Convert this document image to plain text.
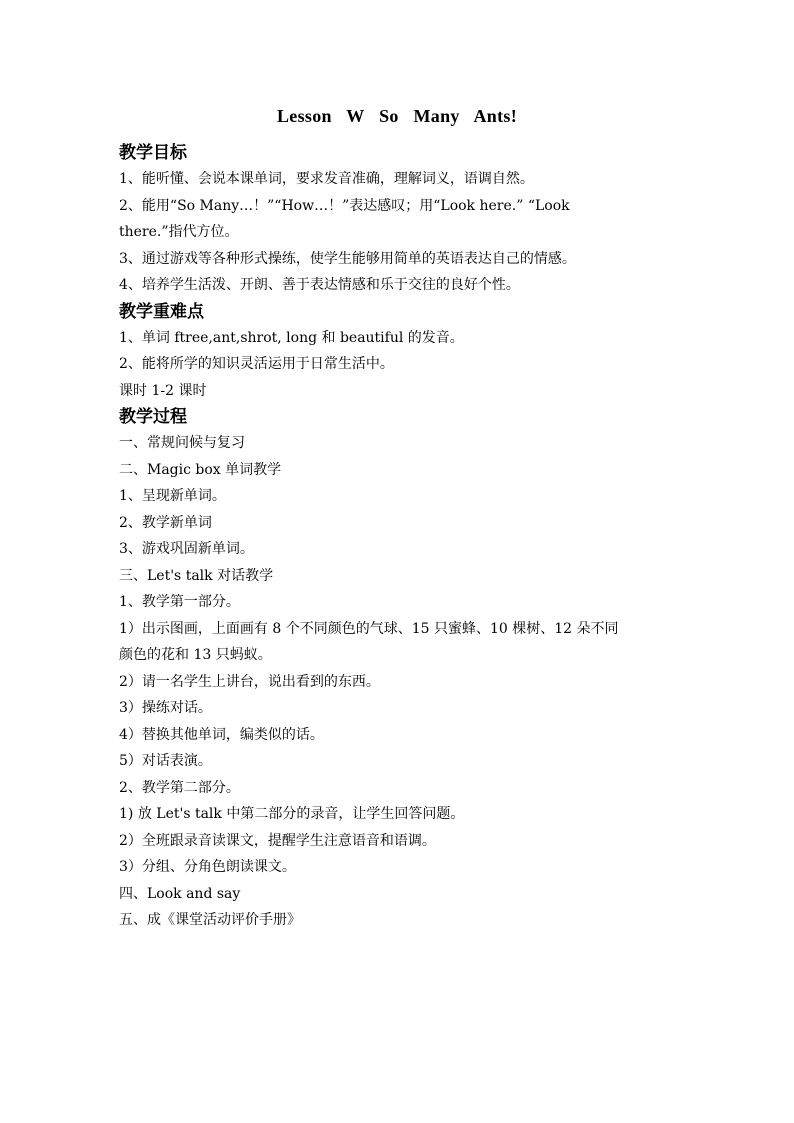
Lesson W So Many Ants!

教学目标

1、能听懂、会说本课单词，要求发音准确，理解词义，语调自然。

2、能用“So Many…！”“How…！”表达感叹；用“Look here.” “Look

there.”指代方位。

3、通过游戏等各种形式操练，使学生能够用简单的英语表达自己的情感。

4、培养学生活泼、开朗、善于表达情感和乐于交往的良好个性。

教学重难点

1、单词 ftree,ant,shrot, long 和 beautiful 的发音。

2、能将所学的知识灵活运用于日常生活中。

课时 1-2 课时

教学过程

一、常规问候与复习

二、Magic box 单词教学

1、呈现新单词。

2、教学新单词

3、游戏巩固新单词。

三、Let's talk 对话教学

1、教学第一部分。

1）出示图画，上面画有 8 个不同颜色的气球、15 只蜜蜂、10 棵树、12 朵不同

颜色的花和 13 只蚂蚁。

2）请一名学生上讲台，说出看到的东西。

3）操练对话。

4）替换其他单词，编类似的话。

5）对话表演。

2、教学第二部分。

1) 放 Let's talk 中第二部分的录音，让学生回答问题。

2）全班跟录音读课文，提醒学生注意语音和语调。

3）分组、分角色朗读课文。

四、Look and say

五、成《课堂活动评价手册》
